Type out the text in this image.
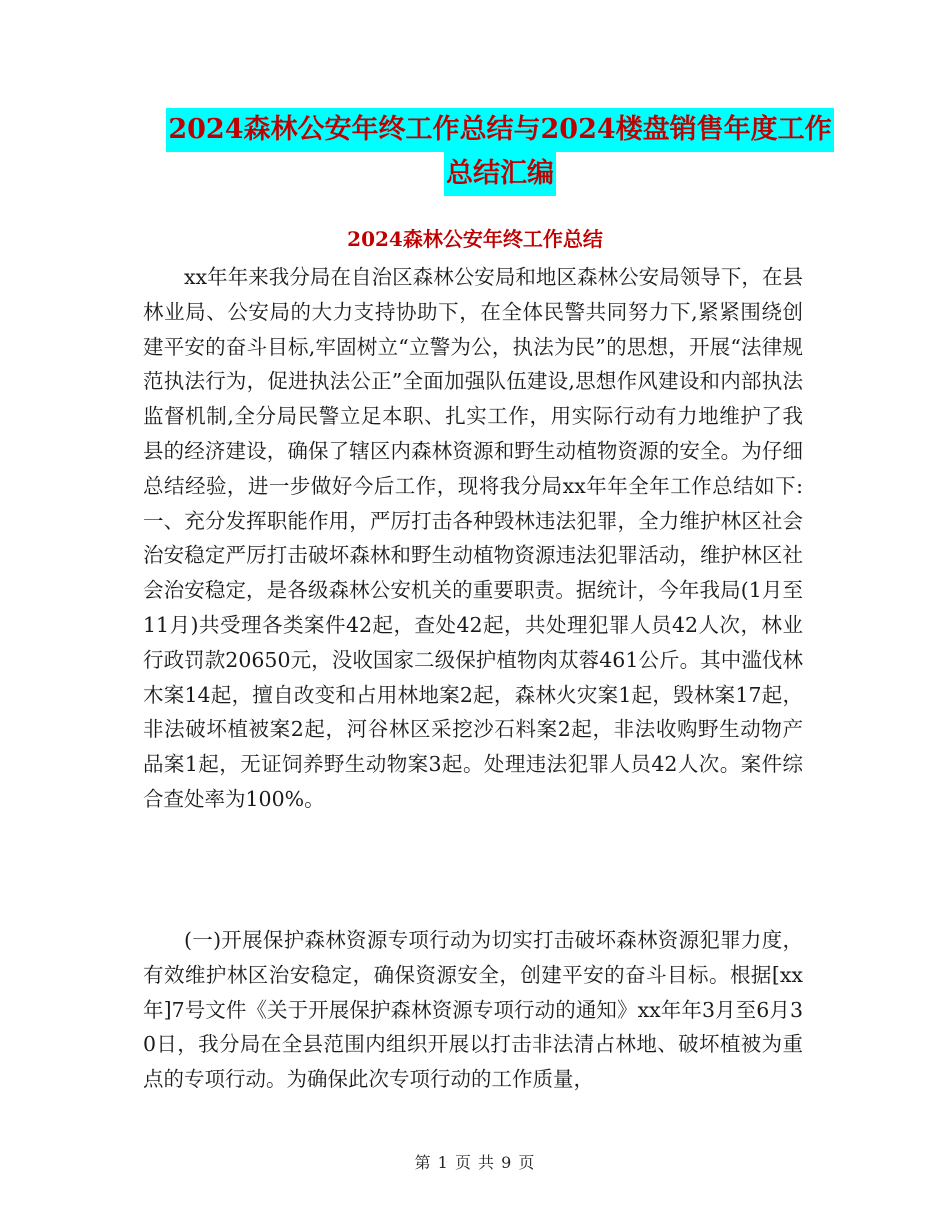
2024森林公安年终工作总结与2024楼盘销售年度工作
总结汇编
2024森林公安年终工作总结

xx年年来我分局在自治区森林公安局和地区森林公安局领导下，在县林业局、公安局的大力支持协助下，在全体民警共同努力下,紧紧围绕创建平安的奋斗目标,牢固树立“立警为公，执法为民”的思想，开展“法律规范执法行为，促进执法公正”全面加强队伍建设,思想作风建设和内部执法监督机制,全分局民警立足本职、扎实工作，用实际行动有力地维护了我县的经济建设，确保了辖区内森林资源和野生动植物资源的安全。为仔细总结经验，进一步做好今后工作，现将我分局xx年年全年工作总结如下:一、充分发挥职能作用，严厉打击各种毁林违法犯罪，全力维护林区社会治安稳定严厉打击破坏森林和野生动植物资源违法犯罪活动，维护林区社会治安稳定，是各级森林公安机关的重要职责。据统计，今年我局(1月至11月)共受理各类案件42起，查处42起，共处理犯罪人员42人次，林业行政罚款20650元，没收国家二级保护植物肉苁蓉461公斤。其中滥伐林木案14起，擅自改变和占用林地案2起，森林火灾案1起，毁林案17起，非法破坏植被案2起，河谷林区采挖沙石料案2起，非法收购野生动物产品案1起，无证饲养野生动物案3起。处理违法犯罪人员42人次。案件综合查处率为100%。

(一)开展保护森林资源专项行动为切实打击破坏森林资源犯罪力度，有效维护林区治安稳定，确保资源安全，创建平安的奋斗目标。根据[xx年]7号文件《关于开展保护森林资源专项行动的通知》xx年年3月至6月30日，我分局在全县范围内组织开展以打击非法清占林地、破坏植被为重点的专项行动。为确保此次专项行动的工作质量，

第 1 页 共 9 页
